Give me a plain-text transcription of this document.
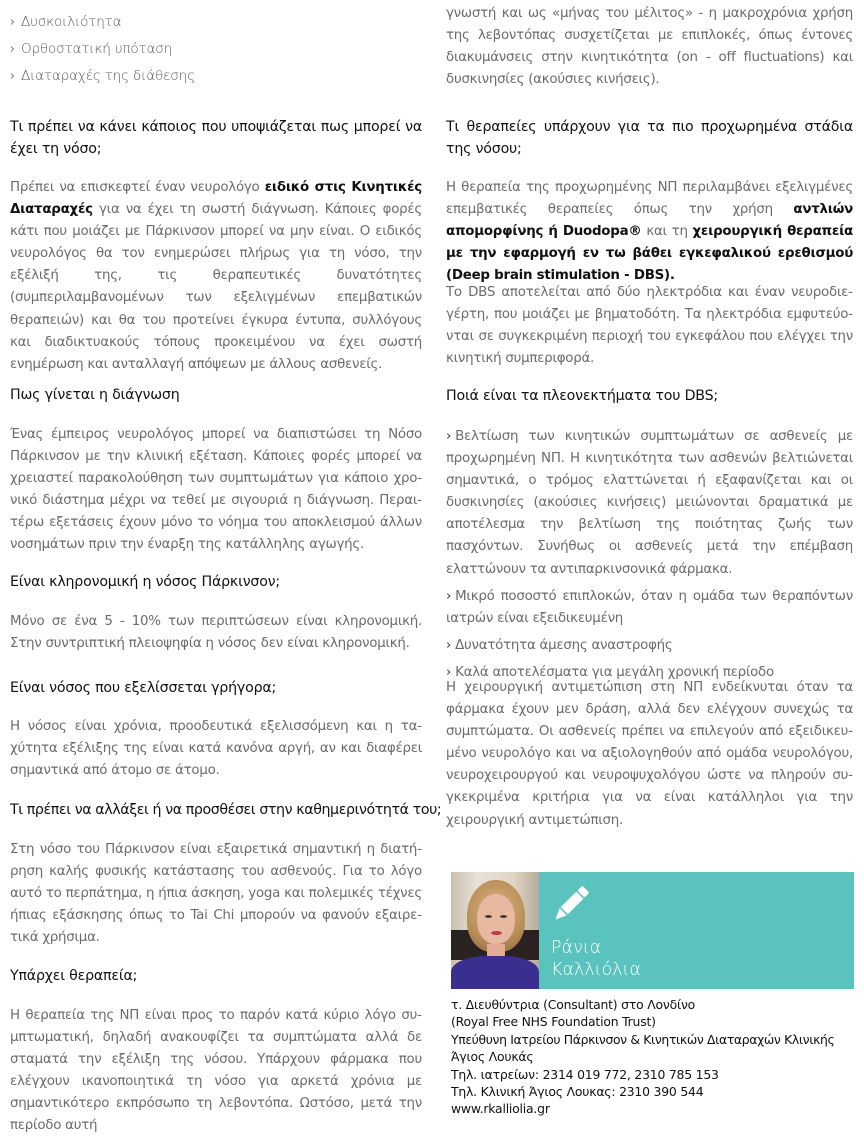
› Δυσκοιλιότητα
› Ορθοστατική υπόταση
› Διαταραχές της διάθεσης
Τι πρέπει να κάνει κάποιος που υποψιάζεται πως μπορεί να έχει τη νόσο;

Πρέπει να επισκεφτεί έναν νευρολόγο ειδικό στις Κινητικές Διαταραχές για να έχει τη σωστή διάγνωση. Κάποιες φορές κάτι που μοιάζει με Πάρκινσον μπορεί να μην είναι. Ο ειδικός νευρολόγος θα τον ενημερώσει πλήρως για τη νόσο, την εξέλιξή της, τις θεραπευτικές δυνατότητες (συμπεριλαμβανομένων των εξελιγμένων επεμβατικών θεραπειών) και θα του προτείνει έγκυρα έντυπα, συλλόγους και διαδικτυακούς τόπους προκειμένου να έχει σωστή ενημέρωση και ανταλλαγή απόψεων με άλλους ασθενείς.

Πως γίνεται η διάγνωση

Ένας έμπειρος νευρολόγος μπορεί να διαπιστώσει τη Νόσο Πάρκινσον με την κλινική εξέταση. Κάποιες φορές μπορεί να χρειαστεί παρακολούθηση των συμπτωμάτων για κάποιο χρονικό διάστημα μέχρι να τεθεί με σιγουριά η διάγνωση. Περαιτέρω εξετάσεις έχουν μόνο το νόημα του αποκλεισμού άλλων νοσημάτων πριν την έναρξη της κατάλληλης αγωγής.

Είναι κληρονομική η νόσος Πάρκινσον;

Μόνο σε ένα 5 - 10% των περιπτώσεων είναι κληρονομική. Στην συντριπτική πλειοψηφία η νόσος δεν είναι κληρονομική.

Είναι νόσος που εξελίσσεται γρήγορα;

Η νόσος είναι χρόνια, προοδευτικά εξελισσόμενη και η ταχύτητα εξέλιξης της είναι κατά κανόνα αργή, αν και διαφέρει σημαντικά από άτομο σε άτομο.

Τι πρέπει να αλλάξει ή να προσθέσει στην καθημερινότητά του;

Στη νόσο του Πάρκινσον είναι εξαιρετικά σημαντική η διατήρηση καλής φυσικής κατάστασης του ασθενούς. Για το λόγο αυτό το περπάτημα, η ήπια άσκηση, yoga και πολεμικές τέχνες ήπιας εξάσκησης όπως το Tai Chi μπορούν να φανούν εξαιρετικά χρήσιμα.

Υπάρχει θεραπεία;

Η θεραπεία της ΝΠ είναι προς το παρόν κατά κύριο λόγο συμπτωματική, δηλαδή ανακουφίζει τα συμπτώματα αλλά δε σταματά την εξέλιξη της νόσου. Υπάρχουν φάρμακα που ελέγχουν ικανοποιητικά τη νόσο για αρκετά χρόνια με σημαντικότερο εκπρόσωπο τη λεβοντόπα. Ωστόσο, μετά την περίοδο αυτή

γνωστή και ως «μήνας του μέλιτος» - η μακροχρόνια χρήση της λεβοντόπας συσχετίζεται με επιπλοκές, όπως έντονες διακυμάνσεις στην κινητικότητα (on - off fluctuations) και δυσκινησίες (ακούσιες κινήσεις).

Τι θεραπείες υπάρχουν για τα πιο προχωρημένα στάδια της νόσου;

Η θεραπεία της προχωρημένης ΝΠ περιλαμβάνει εξελιγμένες επεμβατικές θεραπείες όπως την χρήση αντλιών απομορφίνης ή Duodopa® και τη χειρουργική θεραπεία με την εφαρμογή εν τω βάθει εγκεφαλικού ερεθισμού (Deep brain stimulation - DBS).

Το DBS αποτελείται από δύο ηλεκτρόδια και έναν νευροδιεγέρτη, που μοιάζει με βηματοδότη. Τα ηλεκτρόδια εμφυτεύονται σε συγκεκριμένη περιοχή του εγκεφάλου που ελέγχει την κινητική συμπεριφορά.

Ποιά είναι τα πλεονεκτήματα του DBS;

› Βελτίωση των κινητικών συμπτωμάτων σε ασθενείς με προχωρημένη ΝΠ. Η κινητικότητα των ασθενών βελτιώνεται σημαντικά, ο τρόμος ελαττώνεται ή εξαφανίζεται και οι δυσκινησίες (ακούσιες κινήσεις) μειώνονται δραματικά με αποτέλεσμα την βελτίωση της ποιότητας ζωής των πασχόντων. Συνήθως οι ασθενείς μετά την επέμβαση ελαττώνουν τα αντιπαρκινσονικά φάρμακα.

› Μικρό ποσοστό επιπλοκών, όταν η ομάδα των θεραπόντων ιατρών είναι εξειδικευμένη

› Δυνατότητα άμεσης αναστροφής

› Καλά αποτελέσματα για μεγάλη χρονική περίοδο

Η χειρουργική αντιμετώπιση στη ΝΠ ενδείκνυται όταν τα φάρμακα έχουν μεν δράση, αλλά δεν ελέγχουν συνεχώς τα συμπτώματα. Οι ασθενείς πρέπει να επιλεγούν από εξειδικευμένο νευρολόγο και να αξιολογηθούν από ομάδα νευρολόγου, νευροχειρουργού και νευροψυχολόγου ώστε να πληρούν συγκεκριμένα κριτήρια για να είναι κατάλληλοι για την χειρουργική αντιμετώπιση.

Ράνια
Καλλιόλια
τ. Διευθύντρια (Consultant) στο Λονδίνο
(Royal Free NHS Foundation Trust)
Υπεύθυνη Ιατρείου Πάρκινσον & Κινητικών Διαταραχών Κλινικής
Άγιος Λουκάς
Τηλ. ιατρείων: 2314 019 772, 2310 785 153
Τηλ. Κλινική Άγιος Λουκας: 2310 390 544
www.rkalliolia.gr
